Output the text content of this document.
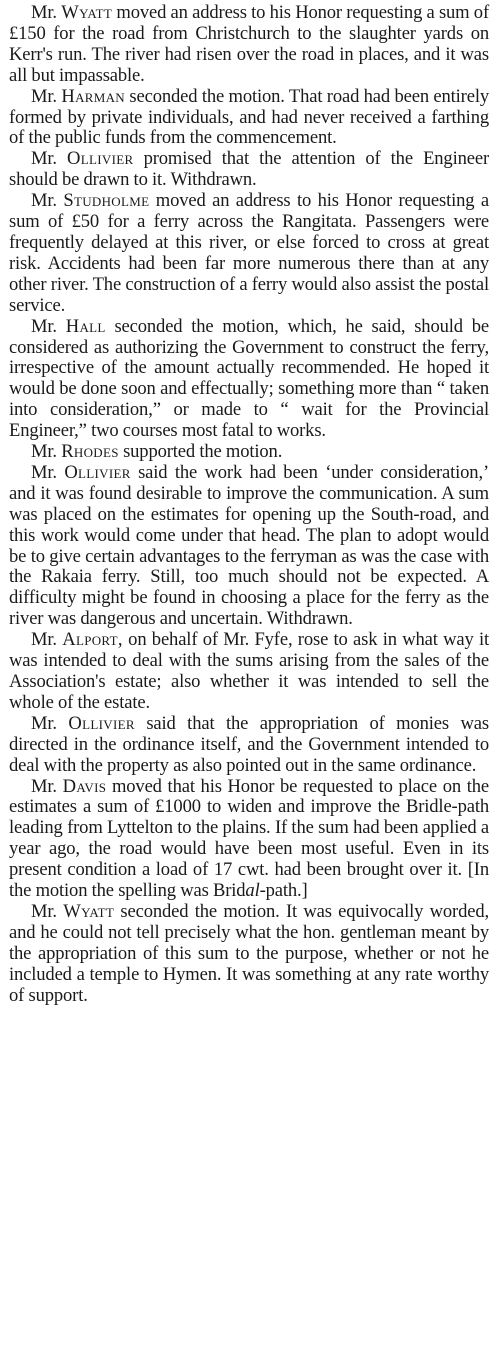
Mr. Wyatt moved an address to his Honor requesting a sum of £150 for the road from Christchurch to the slaughter yards on Kerr's run. The river had risen over the road in places, and it was all but impassable.

Mr. Harman seconded the motion. That road had been entirely formed by private individuals, and had never received a farthing of the public funds from the commencement.

Mr. Ollivier promised that the attention of the Engineer should be drawn to it. Withdrawn.

Mr. Studholme moved an address to his Honor requesting a sum of £50 for a ferry across the Rangitata. Passengers were frequently delayed at this river, or else forced to cross at great risk. Accidents had been far more numerous there than at any other river. The construction of a ferry would also assist the postal service.

Mr. Hall seconded the motion, which, he said, should be considered as authorizing the Government to construct the ferry, irrespective of the amount actually recommended. He hoped it would be done soon and effectually; something more than “ taken into consideration,” or made to “ wait for the Provincial Engineer,” two courses most fatal to works.

Mr. Rhodes supported the motion.

Mr. Ollivier said the work had been ‘under consideration,’ and it was found desirable to improve the communication. A sum was placed on the estimates for opening up the South-road, and this work would come under that head. The plan to adopt would be to give certain advantages to the ferryman as was the case with the Rakaia ferry. Still, too much should not be expected. A difficulty might be found in choosing a place for the ferry as the river was dangerous and uncertain. Withdrawn.

Mr. Alport, on behalf of Mr. Fyfe, rose to ask in what way it was intended to deal with the sums arising from the sales of the Association's estate; also whether it was intended to sell the whole of the estate.

Mr. Ollivier said that the appropriation of monies was directed in the ordinance itself, and the Government intended to deal with the property as also pointed out in the same ordinance.

Mr. Davis moved that his Honor be requested to place on the estimates a sum of £1000 to widen and improve the Bridle-path leading from Lyttelton to the plains. If the sum had been applied a year ago, the road would have been most useful. Even in its present condition a load of 17 cwt. had been brought over it. [In the motion the spelling was Bridal-path.]

Mr. Wyatt seconded the motion. It was equivocally worded, and he could not tell precisely what the hon. gentleman meant by the appropriation of this sum to the purpose, whether or not he included a temple to Hymen. It was something at any rate worthy of support.
